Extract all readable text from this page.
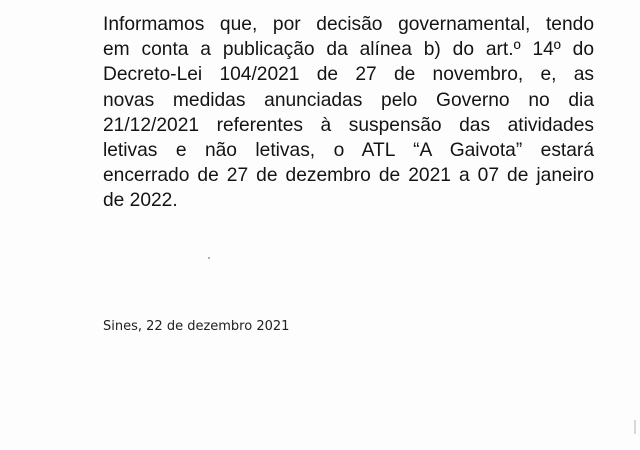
Informamos que, por decisão governamental, tendo
em conta a publicação da alínea b) do art.º 14º do
Decreto-Lei 104/2021 de 27 de novembro, e, as
novas medidas anunciadas pelo Governo no dia
21/12/2021 referentes à suspensão das atividades
letivas e não letivas, o ATL “A Gaivota” estará
encerrado de 27 de dezembro de 2021 a 07 de janeiro
de 2022.

Sines, 22 de dezembro 2021
